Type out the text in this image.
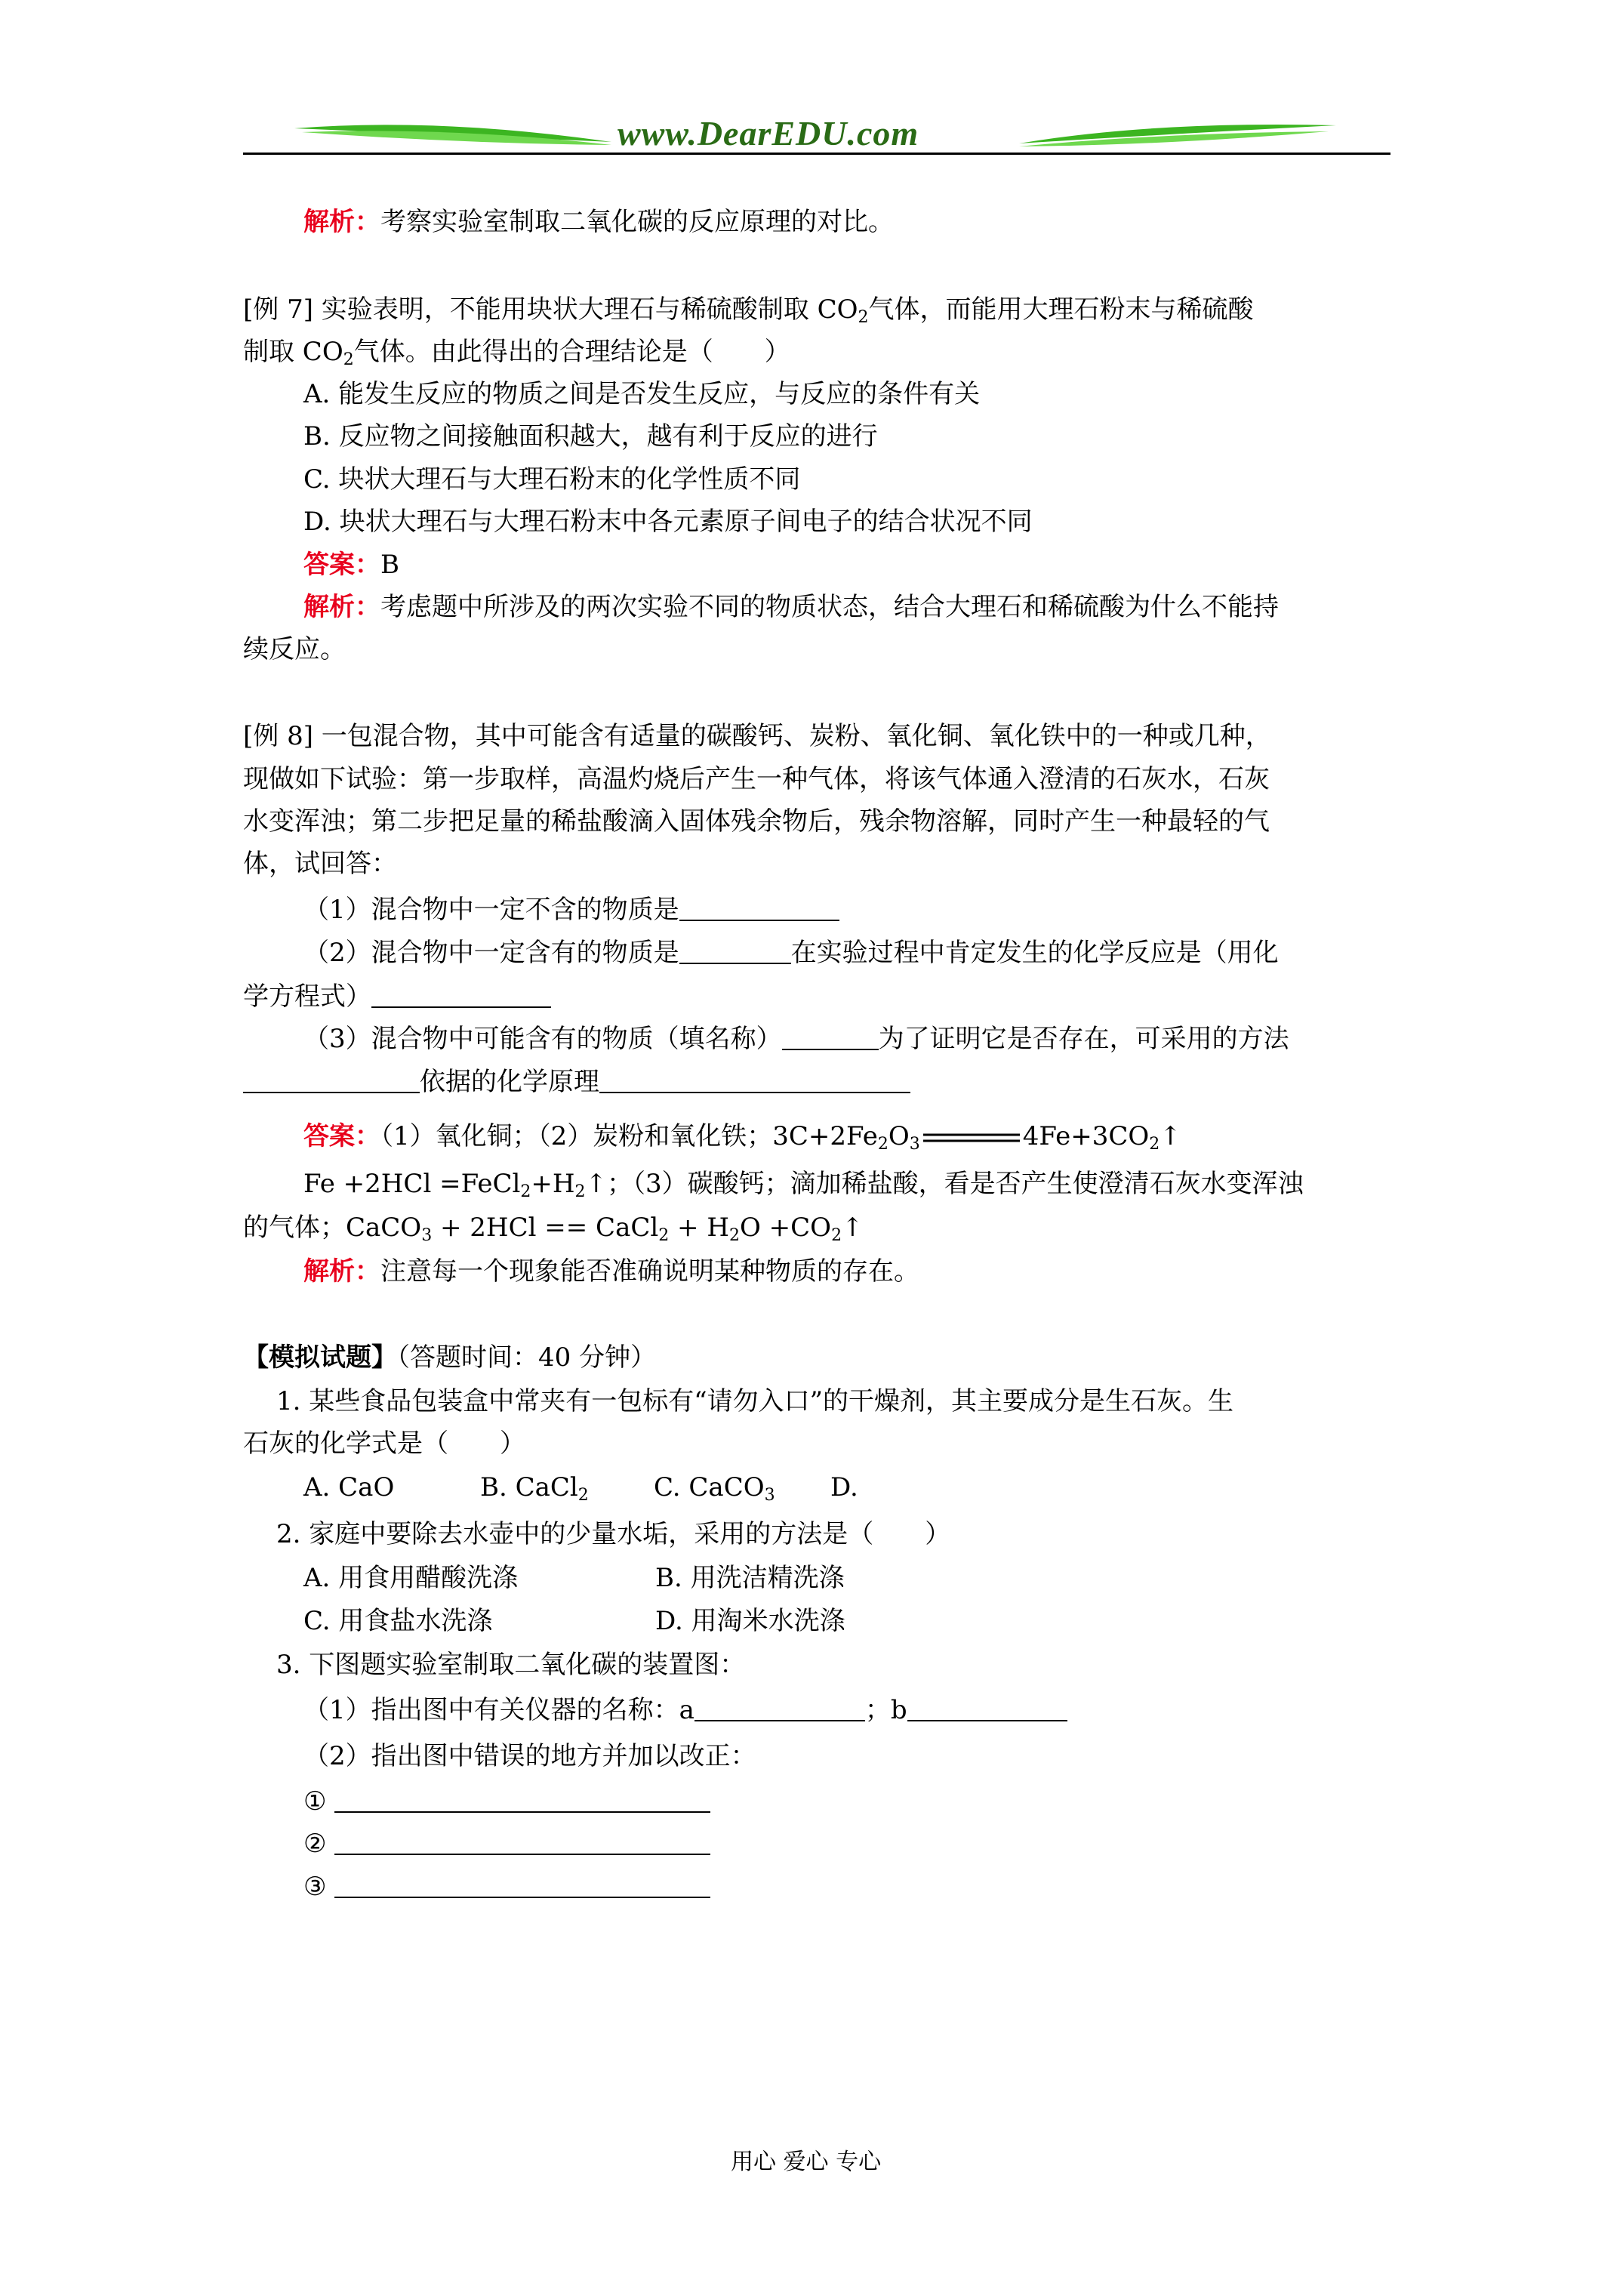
www.DearEDU.com
解析：考察实验室制取二氧化碳的反应原理的对比。
[例 7] 实验表明，不能用块状大理石与稀硫酸制取 $CO_2$气体，而能用大理石粉末与稀硫酸
制取 $CO_2$气体。由此得出的合理结论是（　　）
A. 能发生反应的物质之间是否发生反应，与反应的条件有关
B. 反应物之间接触面积越大，越有利于反应的进行
C. 块状大理石与大理石粉末的化学性质不同
D. 块状大理石与大理石粉末中各元素原子间电子的结合状况不同
答案：B
解析：考虑题中所涉及的两次实验不同的物质状态，结合大理石和稀硫酸为什么不能持
续反应。
[例 8] 一包混合物，其中可能含有适量的碳酸钙、炭粉、氧化铜、氧化铁中的一种或几种，
现做如下试验：第一步取样，高温灼烧后产生一种气体，将该气体通入澄清的石灰水，石灰
水变浑浊；第二步把足量的稀盐酸滴入固体残余物后，残余物溶解，同时产生一种最轻的气
体，试回答：
（1）混合物中一定不含的物质是
（2）混合物中一定含有的物质是	在实验过程中肯定发生的化学反应是（用化
学方程式）
（3）混合物中可能含有的物质（填名称）	为了证明它是否存在，可采用的方法
依据的化学原理
答案：（1）氧化铜；（2）炭粉和氧化铁；$3C+2Fe_2O_3$	$4Fe+3CO_2↑$
$Fe +2HCl =FeCl_2+H_2↑$；（3）碳酸钙；滴加稀盐酸，看是否产生使澄清石灰水变浑浊
的气体；CaCO$_3$ + 2HCl == CaCl$_2$ + $H_2O$ $+CO_2↑$
解析：注意每一个现象能否准确说明某种物质的存在。
【模拟试题】（答题时间：40 分钟）
1. 某些食品包装盒中常夹有一包标有“请勿入口”的干燥剂，其主要成分是生石灰。生
石灰的化学式是（　　）
A. CaO	B. CaCl$_2$	C. CaCO$_3$ D.
2. 家庭中要除去水壶中的少量水垢，采用的方法是（　　）
A. 用食用醋酸洗涤	B. 用洗洁精洗涤
C. 用食盐水洗涤	D. 用淘米水洗涤
3. 下图题实验室制取二氧化碳的装置图：
（1）指出图中有关仪器的名称：a	；b
（2）指出图中错误的地方并加以改正：
①
②
③
用心 爱心 专心
